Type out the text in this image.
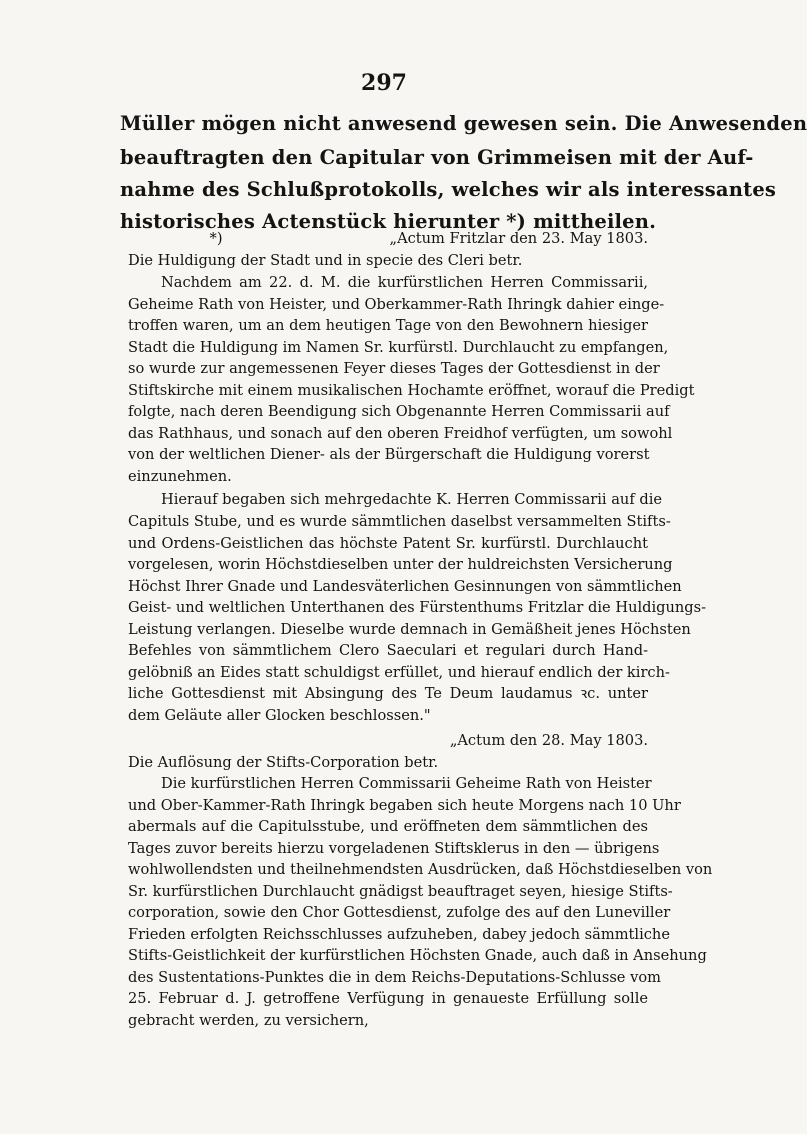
297
Müller mögen nicht anwesend gewesen sein. Die Anwesenden
beauftragten den Capitular von Grimmeisen mit der Auf-
nahme des Schlußprotokolls, welches wir als interessantes
historisches Actenstück hierunter *) mittheilen.
*)                                    „Actum Fritzlar den 23. May 1803.
Die Huldigung der Stadt und in specie des Cleri betr.
Nachdem am 22. d. M. die kurfürstlichen Herren Commissarii,
Geheime Rath von Heister, und Oberkammer-Rath Ihringk dahier einge-
troffen waren, um an dem heutigen Tage von den Bewohnern hiesiger
Stadt die Huldigung im Namen Sr. kurfürstl. Durchlaucht zu empfangen,
so wurde zur angemessenen Feyer dieses Tages der Gottesdienst in der
Stiftskirche mit einem musikalischen Hochamte eröffnet, worauf die Predigt
folgte, nach deren Beendigung sich Obgenannte Herren Commissarii auf
das Rathhaus, und sonach auf den oberen Freidhof verfügten, um sowohl
von der weltlichen Diener- als der Bürgerschaft die Huldigung vorerst
einzunehmen.
Hierauf begaben sich mehrgedachte K. Herren Commissarii auf die
Capituls Stube, und es wurde sämmtlichen daselbst versammelten Stifts-
und Ordens-Geistlichen das höchste Patent Sr. kurfürstl. Durchlaucht
vorgelesen, worin Höchstdieselben unter der huldreichsten Versicherung
Höchst Ihrer Gnade und Landesväterlichen Gesinnungen von sämmtlichen
Geist- und weltlichen Unterthanen des Fürstenthums Fritzlar die Huldigungs-
Leistung verlangen. Dieselbe wurde demnach in Gemäßheit jenes Höchsten
Befehles von sämmtlichem Clero Saeculari et regulari durch Hand-
gelöbniß an Eides statt schuldigst erfüllet, und hierauf endlich der kirch-
liche Gottesdienst mit Absingung des Te Deum laudamus ꝛc. unter
dem Geläute aller Glocken beschlossen."
„Actum den 28. May 1803.
Die Auflösung der Stifts-Corporation betr.
Die kurfürstlichen Herren Commissarii Geheime Rath von Heister
und Ober-Kammer-Rath Ihringk begaben sich heute Morgens nach 10 Uhr
abermals auf die Capitulsstube, und eröffneten dem sämmtlichen des
Tages zuvor bereits hierzu vorgeladenen Stiftsklerus in den — übrigens
wohlwollendsten und theilnehmendsten Ausdrücken, daß Höchstdieselben von
Sr. kurfürstlichen Durchlaucht gnädigst beauftraget seyen, hiesige Stifts-
corporation, sowie den Chor Gottesdienst, zufolge des auf den Luneviller
Frieden erfolgten Reichsschlusses aufzuheben, dabey jedoch sämmtliche
Stifts-Geistlichkeit der kurfürstlichen Höchsten Gnade, auch daß in Ansehung
des Sustentations-Punktes die in dem Reichs-Deputations-Schlusse vom
25. Februar d. J. getroffene Verfügung in genaueste Erfüllung solle
gebracht werden, zu versichern,
